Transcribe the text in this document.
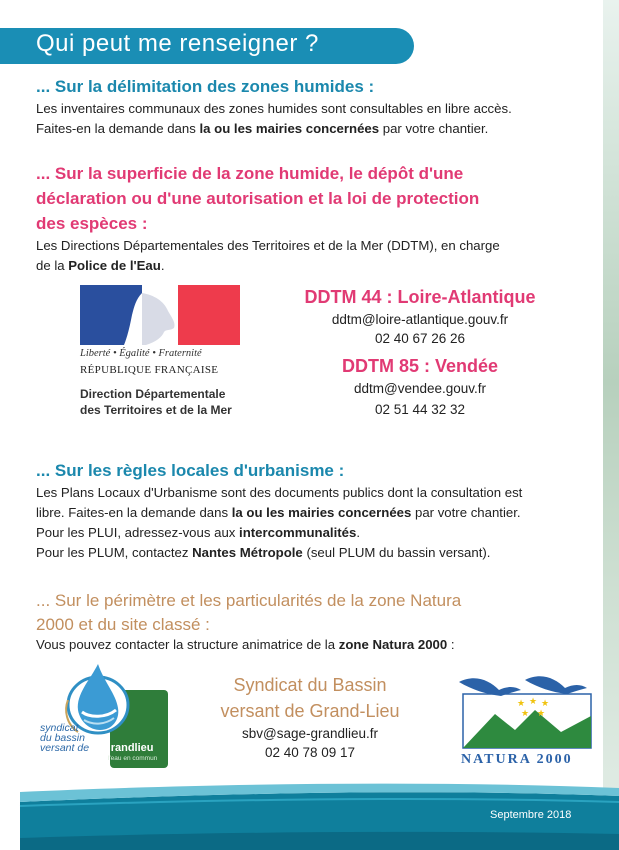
Qui peut me renseigner ?
... Sur la délimitation des zones humides :
Les inventaires communaux des zones humides sont consultables en libre accès.
Faites-en la demande dans la ou les mairies concernées par votre chantier.
... Sur la superficie de la zone humide, le dépôt d'une
déclaration ou d'une autorisation et la loi de protection
des espèces :
Les Directions Départementales des Territoires et de la Mer (DDTM), en charge
de la Police de l'Eau.
Liberté • Égalité • Fraternité
RÉPUBLIQUE FRANÇAISE
Direction Départementale
des Territoires et de la Mer
DDTM 44 : Loire-Atlantique
ddtm@loire-atlantique.gouv.fr
02 40 67 26 26
DDTM 85 : Vendée
ddtm@vendee.gouv.fr
02 51 44 32 32
... Sur les règles locales d'urbanisme :
Les Plans Locaux d'Urbanisme sont des documents publics dont la consultation est
libre. Faites-en la demande dans la ou les mairies concernées par votre chantier.
Pour les PLUI, adressez-vous aux intercommunalités.
Pour les PLUM, contactez Nantes Métropole (seul PLUM du bassin versant).
... Sur le périmètre et les particularités de la zone Natura
2000 et du site classé :
Vous pouvez contacter la structure animatrice de la zone Natura 2000 :
syndicat
du bassin
versant de grandlieu
l'eau en commun
Syndicat du Bassin
versant de Grand-Lieu
sbv@sage-grandlieu.fr
02 40 78 09 17
★ ★ ★
★ ★
NATURA 2000
Septembre 2018
